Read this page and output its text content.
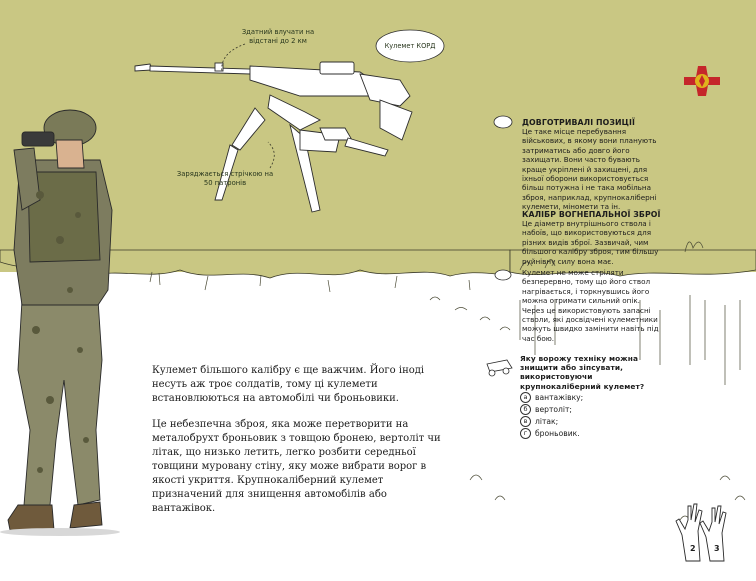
Здатний влучати на відстані до 2 км
Кулемет КОРД
Заряджається стрічкою на 50 патронів
ДОВГОТРИВАЛІ ПОЗИЦІЇ
Це таке місце перебування військових, в якому вони планують затриматись або довго його захищати. Вони часто бувають краще укріплені й захищені, для їхньої оборони використовується більш потужна і не така мобільна зброя, наприклад, крупнокаліберні кулемети, міномети та ін.
КАЛІБР ВОГНЕПАЛЬНОЇ ЗБРОЇ
Це діаметр внутрішнього ствола і набоїв, що використовуються для різних видів зброї. Зазвичай, чим більшого калібру зброя, тим більшу руйнівну силу вона має.
Кулемет не може стріляти безперервно, тому що його ствол нагрівається, і торкнувшись його можна отримати сильний опік. Через це використовують запасні стволи, які досвідчені кулеметники можуть швидко замінити навіть під час бою.
Кулемет більшого калібру є ще важчим. Його іноді несуть аж троє солдатів, тому ці кулемети встановлюються на автомобілі чи броньовики.
Це небезпечна зброя, яка може перетворити на металобрухт броньовик з товщою бронею, вертоліт чи літак, що низько летить, легко розбити середньої товщини муровану стіну, яку може вибрати ворог в якості укриття. Крупнокаліберний кулемет призначений для знищення автомобілів або вантажівок.
Яку ворожу техніку можна знищити або зіпсувати, використовуючи крупнокаліберний кулемет?
а вантажівку;
б вертоліт;
в літак;
г	броньовик.
2 3
